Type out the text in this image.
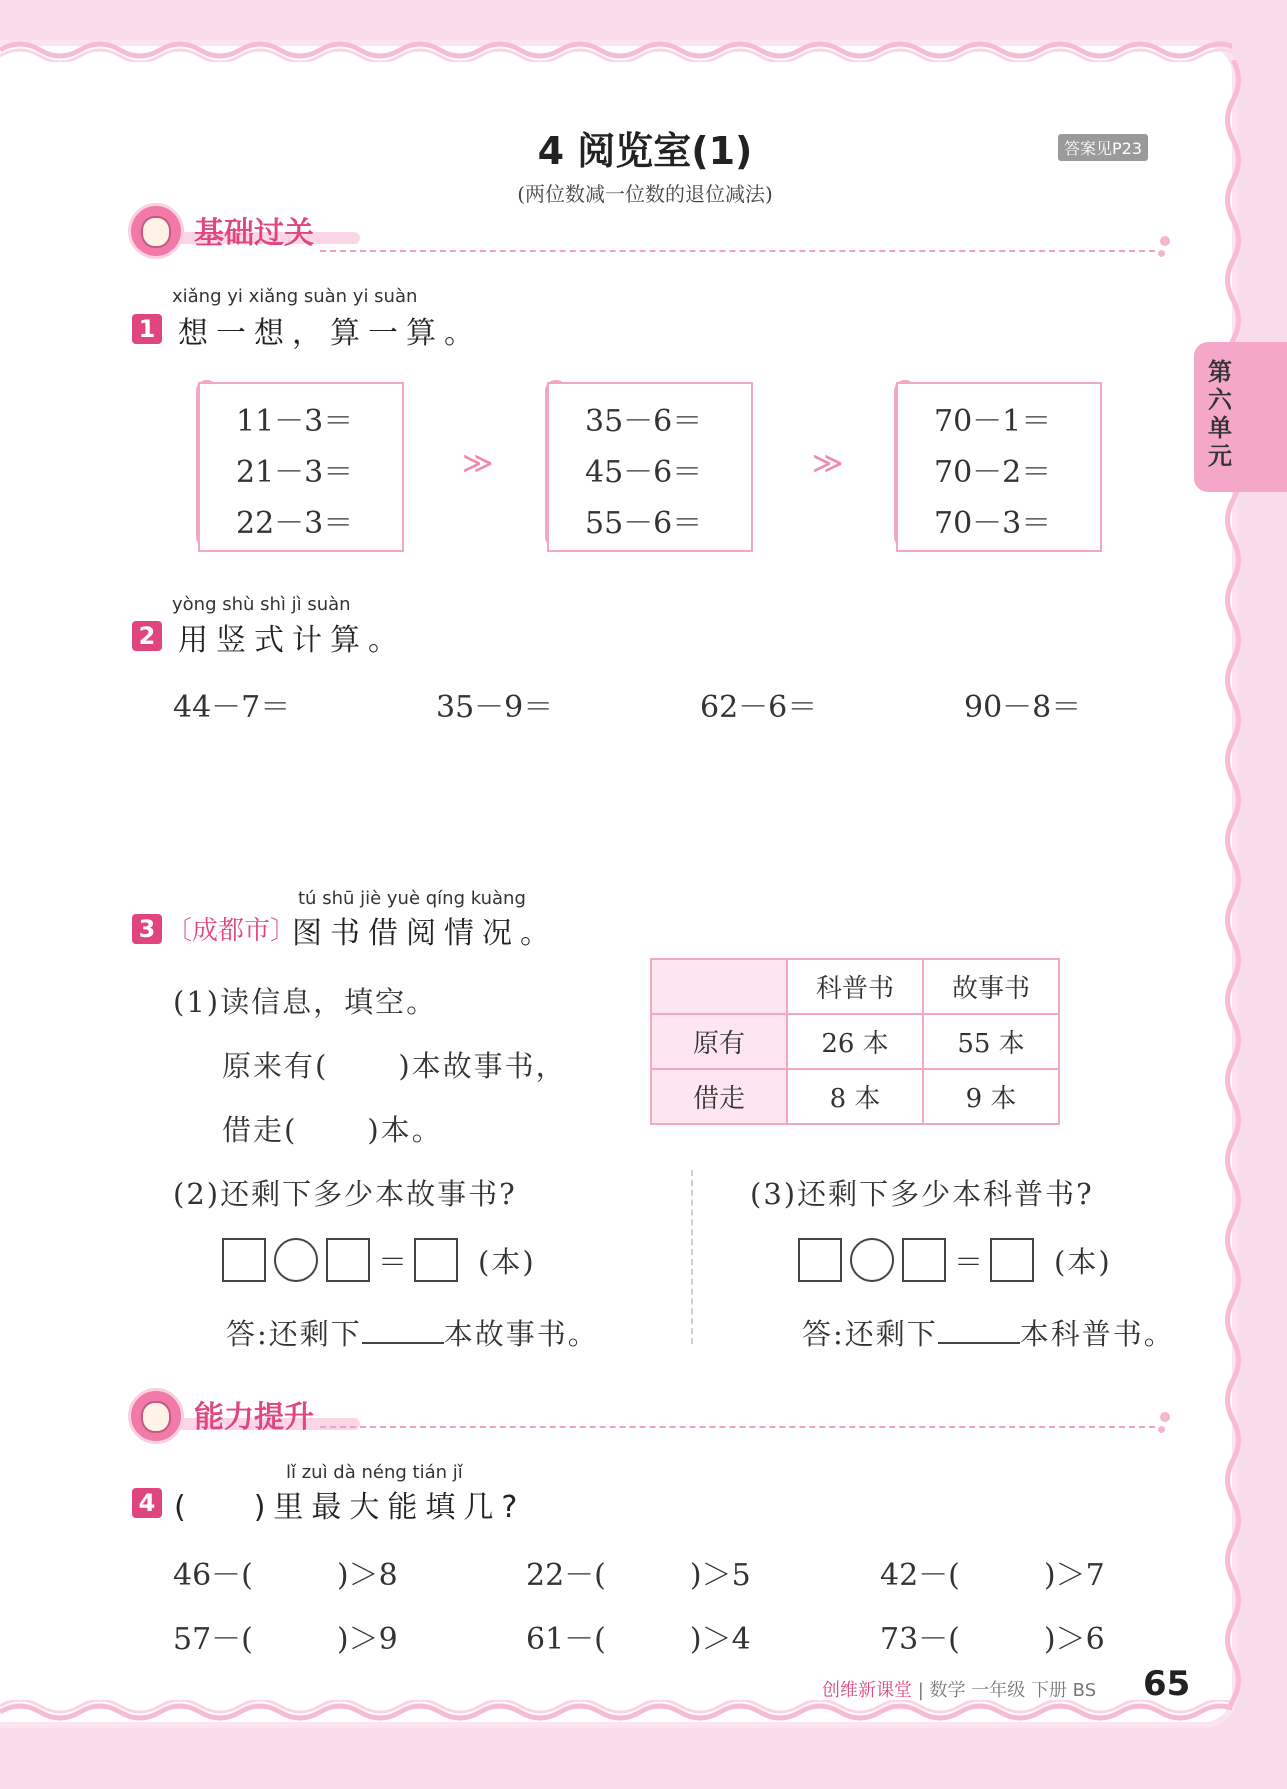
4 阅览室(1)
(两位数减一位数的退位减法)
答案见P23
第六单元
基础过关
xiǎng yi xiǎng suàn yi suàn
1 想一想，算一算。
11－3＝
21－3＝
22－3＝
≫
35－6＝
45－6＝
55－6＝
≫
70－1＝
70－2＝
70－3＝
yòng shù shì jì suàn
2 用竖式计算。
44－7＝	35－9＝	62－6＝	90－8＝
tú shū jiè yuè qíng kuàng
3 〔成都市〕
图书借阅情况。
(1)读信息，填空。
原来有( )本故事书，
借走( )本。
	科普书	故事书
原有	26 本	55 本
借走	8 本	9 本
(2)还剩下多少本故事书?
＝ (本)
答:还剩下	本故事书。
(3)还剩下多少本科普书?
＝ (本)
答:还剩下	本科普书。
能力提升
lǐ zuì dà néng tián jǐ
4 ( )里最大能填几?
46－(	)＞8	22－(	)＞5	42－(	)＞7
57－(	)＞9	61－(	)＞4	73－(	)＞6
创维新课堂 | 数学 一年级 下册 BS 65
